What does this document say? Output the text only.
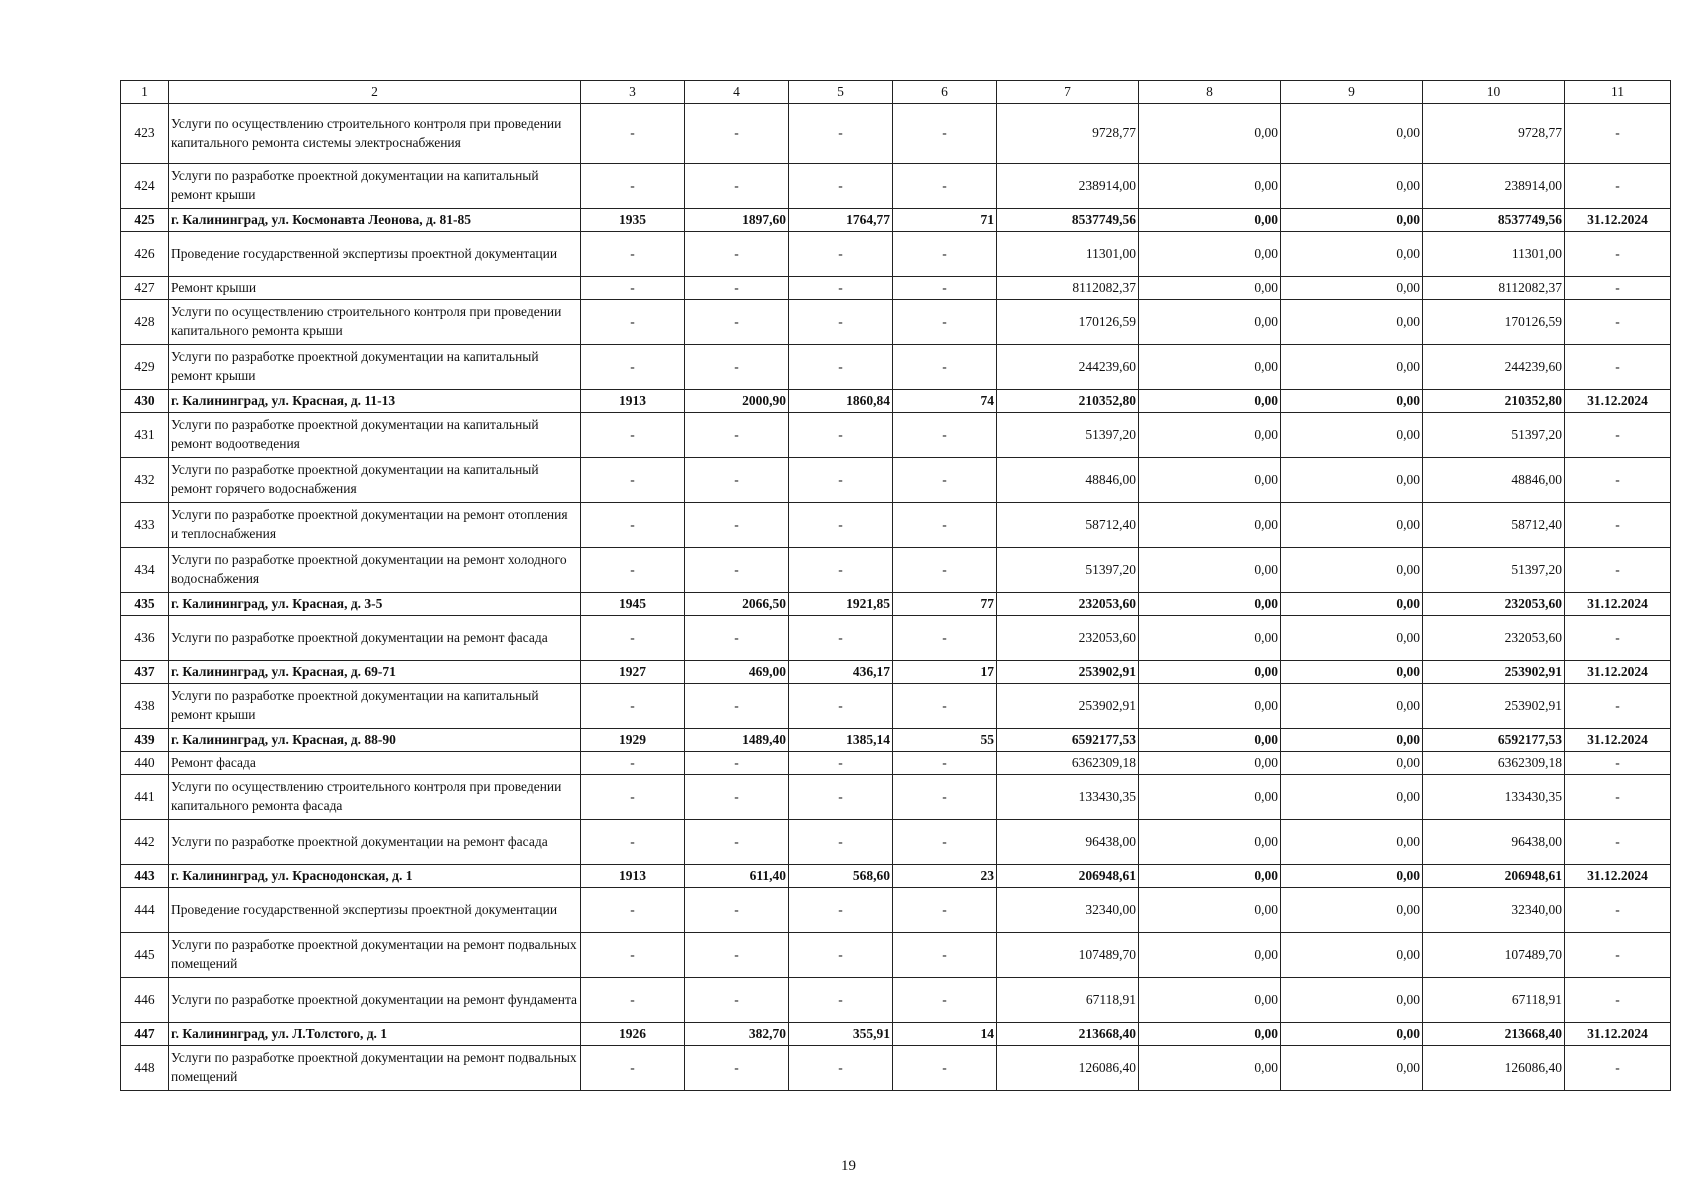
1	2	3	4	5	6	7	8	9	10	11
423	Услуги по осуществлению строительного контроля при проведении капитального ремонта системы электроснабжения	-	-	-	-	9728,77	0,00	0,00	9728,77	-
424	Услуги по разработке проектной документации на капитальный ремонт крыши	-	-	-	-	238914,00	0,00	0,00	238914,00	-
425	г. Калининград, ул. Космонавта Леонова, д. 81-85	1935	1897,60	1764,77	71	8537749,56	0,00	0,00	8537749,56	31.12.2024
426	Проведение государственной экспертизы проектной документации	-	-	-	-	11301,00	0,00	0,00	11301,00	-
427	Ремонт крыши	-	-	-	-	8112082,37	0,00	0,00	8112082,37	-
428	Услуги по осуществлению строительного контроля при проведении капитального ремонта крыши	-	-	-	-	170126,59	0,00	0,00	170126,59	-
429	Услуги по разработке проектной документации на капитальный ремонт крыши	-	-	-	-	244239,60	0,00	0,00	244239,60	-
430	г. Калининград, ул. Красная, д. 11-13	1913	2000,90	1860,84	74	210352,80	0,00	0,00	210352,80	31.12.2024
431	Услуги по разработке проектной документации на капитальный ремонт водоотведения	-	-	-	-	51397,20	0,00	0,00	51397,20	-
432	Услуги по разработке проектной документации на капитальный ремонт горячего водоснабжения	-	-	-	-	48846,00	0,00	0,00	48846,00	-
433	Услуги по разработке проектной документации на ремонт отопления и теплоснабжения	-	-	-	-	58712,40	0,00	0,00	58712,40	-
434	Услуги по разработке проектной документации на ремонт холодного водоснабжения	-	-	-	-	51397,20	0,00	0,00	51397,20	-
435	г. Калининград, ул. Красная, д. 3-5	1945	2066,50	1921,85	77	232053,60	0,00	0,00	232053,60	31.12.2024
436	Услуги по разработке проектной документации на ремонт фасада	-	-	-	-	232053,60	0,00	0,00	232053,60	-
437	г. Калининград, ул. Красная, д. 69-71	1927	469,00	436,17	17	253902,91	0,00	0,00	253902,91	31.12.2024
438	Услуги по разработке проектной документации на капитальный ремонт крыши	-	-	-	-	253902,91	0,00	0,00	253902,91	-
439	г. Калининград, ул. Красная, д. 88-90	1929	1489,40	1385,14	55	6592177,53	0,00	0,00	6592177,53	31.12.2024
440	Ремонт фасада	-	-	-	-	6362309,18	0,00	0,00	6362309,18	-
441	Услуги по осуществлению строительного контроля при проведении капитального ремонта фасада	-	-	-	-	133430,35	0,00	0,00	133430,35	-
442	Услуги по разработке проектной документации на ремонт фасада	-	-	-	-	96438,00	0,00	0,00	96438,00	-
443	г. Калининград, ул. Краснодонская, д. 1	1913	611,40	568,60	23	206948,61	0,00	0,00	206948,61	31.12.2024
444	Проведение государственной экспертизы проектной документации	-	-	-	-	32340,00	0,00	0,00	32340,00	-
445	Услуги по разработке проектной документации на ремонт подвальных помещений	-	-	-	-	107489,70	0,00	0,00	107489,70	-
446	Услуги по разработке проектной документации на ремонт фундамента	-	-	-	-	67118,91	0,00	0,00	67118,91	-
447	г. Калининград, ул. Л.Толстого, д. 1	1926	382,70	355,91	14	213668,40	0,00	0,00	213668,40	31.12.2024
448	Услуги по разработке проектной документации на ремонт подвальных помещений	-	-	-	-	126086,40	0,00	0,00	126086,40	-
19
